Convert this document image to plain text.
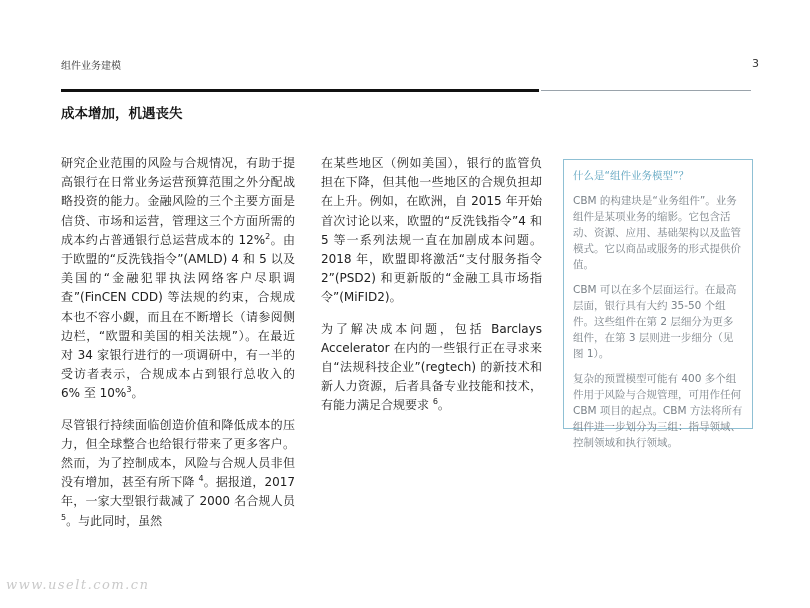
组件业务建模	3
成本增加，机遇丧失

研究企业范围的风险与合规情况，有助于提高银行在日常业务运营预算范围之外分配战略投资的能力。金融风险的三个主要方面是信贷、市场和运营，管理这三个方面所需的成本约占普通银行总运营成本的 12%$^2$。由于欧盟的“反洗钱指令”(AMLD) 4 和 5 以及美国的“金融犯罪执法网络客户尽职调查”(FinCEN CDD) 等法规的约束，合规成本也不容小觑，而且在不断增长（请参阅侧边栏，“欧盟和美国的相关法规”）。在最近对 34 家银行进行的一项调研中，有一半的受访者表示，合规成本占到银行总收入的 6% 至 10%$^3$。

尽管银行持续面临创造价值和降低成本的压力，但全球整合也给银行带来了更多客户。然而，为了控制成本，风险与合规人员非但没有增加，甚至有所下降 $^4$。据报道，2017 年，一家大型银行裁减了 2000 名合规人员 $^5$。与此同时，虽然

在某些地区（例如美国），银行的监管负担在下降，但其他一些地区的合规负担却在上升。例如，在欧洲，自 2015 年开始首次讨论以来，欧盟的“反洗钱指令”4 和 5 等一系列法规一直在加剧成本问题。2018 年，欧盟即将激活“支付服务指令 2”(PSD2) 和更新版的“金融工具市场指令”(MiFID2)。

为了解决成本问题，包括 Barclays Accelerator 在内的一些银行正在寻求来自“法规科技企业”(regtech) 的新技术和新人力资源，后者具备专业技能和技术，有能力满足合规要求 $^6$。

什么是“组件业务模型”？

CBM 的构建块是“业务组件”。业务组件是某项业务的缩影。它包含活动、资源、应用、基础架构以及监管模式。它以商品或服务的形式提供价值。

CBM 可以在多个层面运行。在最高层面，银行具有大约 35-50 个组件。这些组件在第 2 层细分为更多组件，在第 3 层则进一步细分（见图 1）。

复杂的预置模型可能有 400 多个组件用于风险与合规管理，可用作任何 CBM 项目的起点。CBM 方法将所有组件进一步划分为三组：指导领域、控制领域和执行领域。

www.uselt.com.cn
